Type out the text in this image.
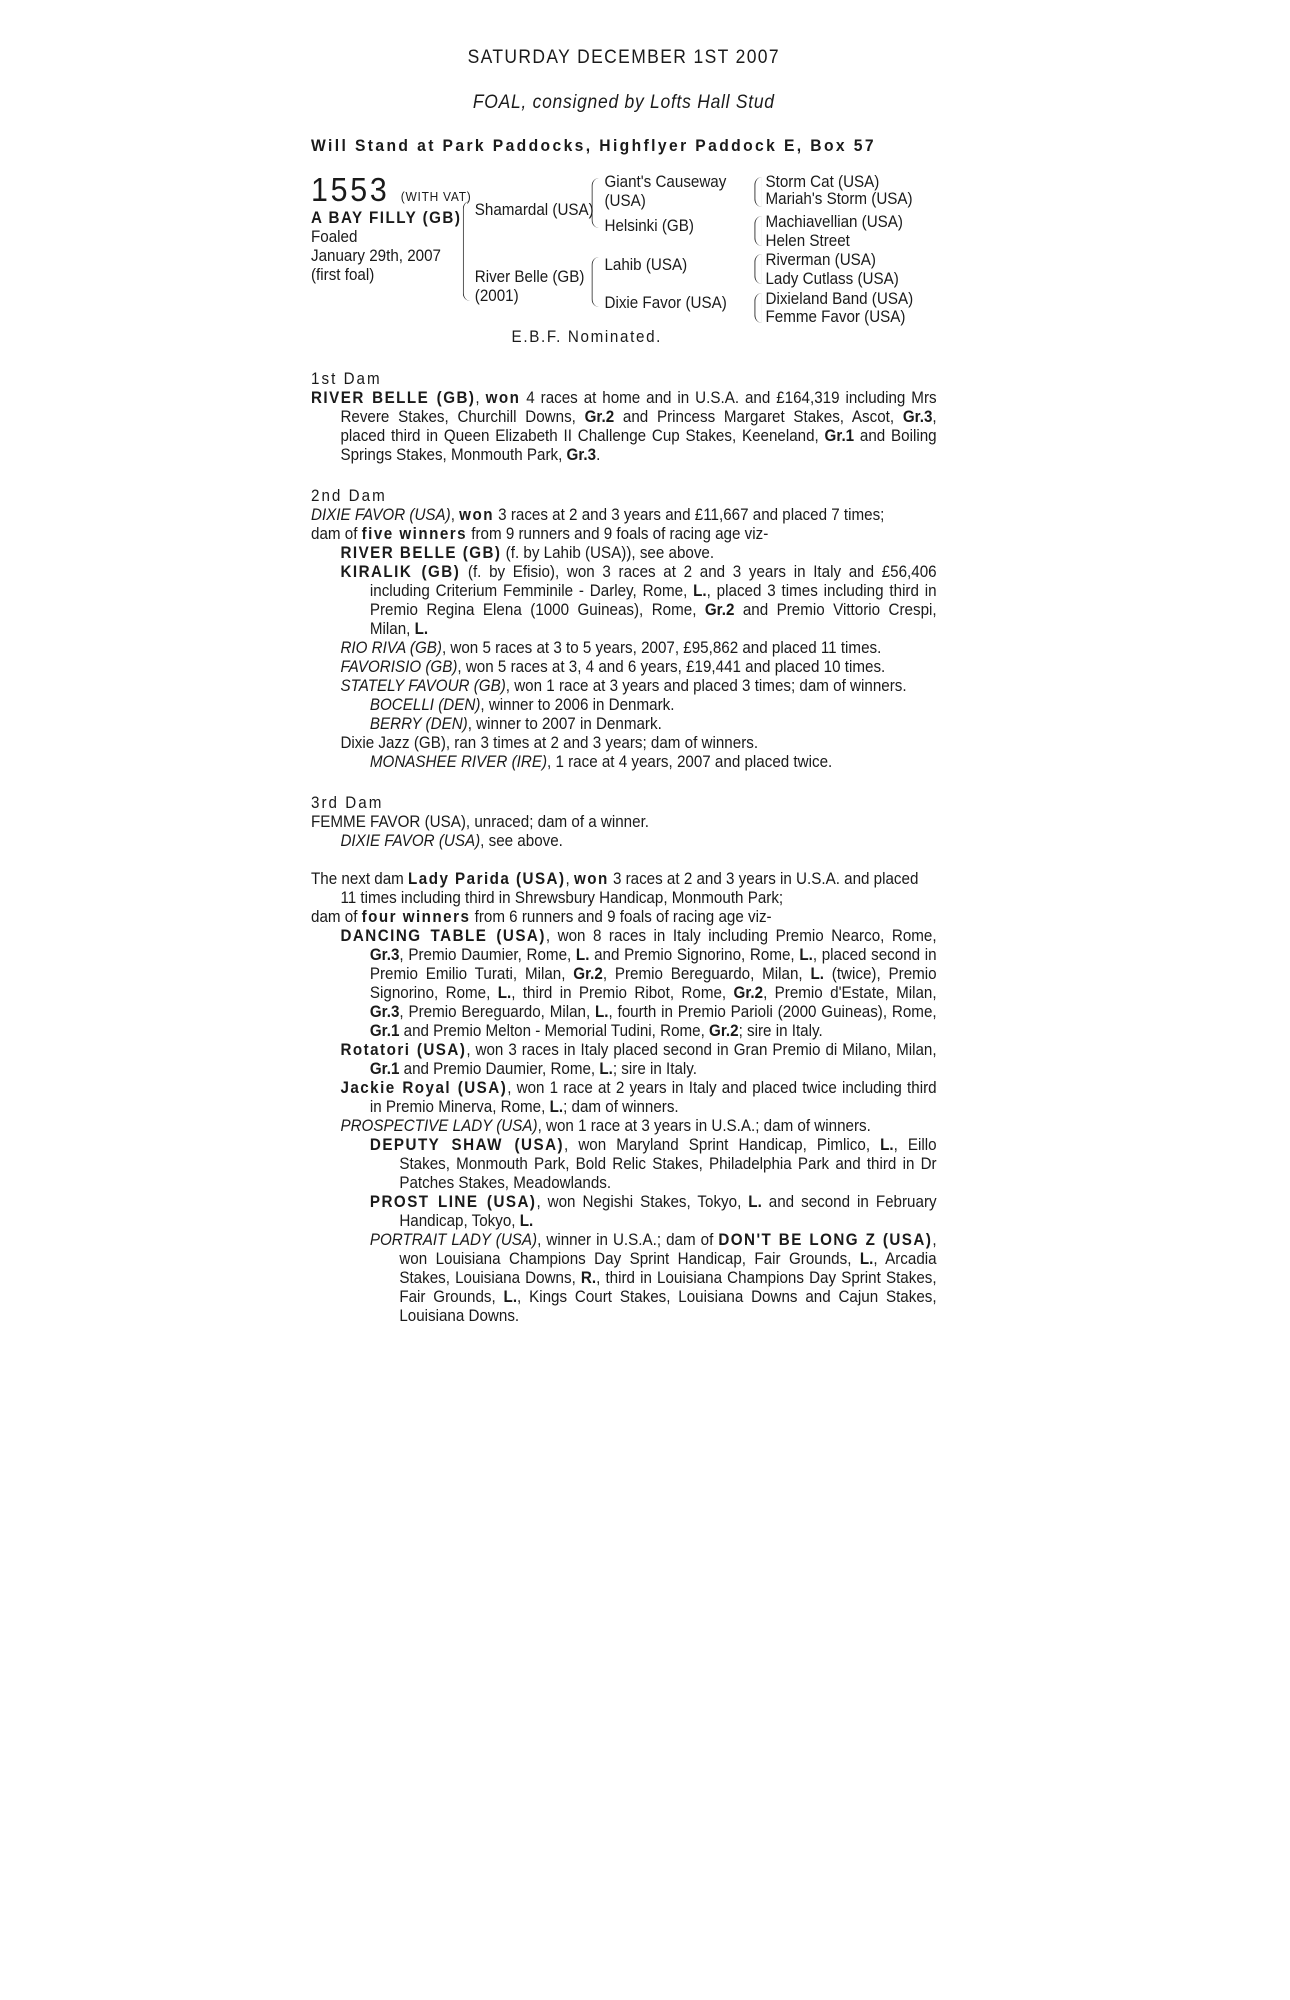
SATURDAY DECEMBER 1ST 2007
FOAL, consigned by Lofts Hall Stud
Will Stand at Park Paddocks, Highflyer Paddock E, Box 57
1553 (WITH VAT)
A BAY FILLY (GB)
Foaled
January 29th, 2007
(first foal)
Shamardal (USA)
River Belle (GB)
(2001)
Giant's Causeway
(USA)
Helsinki (GB)
Lahib (USA)
Dixie Favor (USA)
Storm Cat (USA)
Mariah's Storm (USA)
Machiavellian (USA)
Helen Street
Riverman (USA)
Lady Cutlass (USA)
Dixieland Band (USA)
Femme Favor (USA)
E.B.F. Nominated.
1st Dam
RIVER BELLE (GB), won 4 races at home and in U.S.A. and £164,319 including Mrs Revere Stakes, Churchill Downs, Gr.2 and Princess Margaret Stakes, Ascot, Gr.3, placed third in Queen Elizabeth II Challenge Cup Stakes, Keeneland, Gr.1 and Boiling Springs Stakes, Monmouth Park, Gr.3.
2nd Dam
DIXIE FAVOR (USA), won 3 races at 2 and 3 years and £11,667 and placed 7 times;
dam of five winners from 9 runners and 9 foals of racing age viz-
RIVER BELLE (GB) (f. by Lahib (USA)), see above.
KIRALIK (GB) (f. by Efisio), won 3 races at 2 and 3 years in Italy and £56,406 including Criterium Femminile - Darley, Rome, L., placed 3 times including third in Premio Regina Elena (1000 Guineas), Rome, Gr.2 and Premio Vittorio Crespi, Milan, L.
RIO RIVA (GB), won 5 races at 3 to 5 years, 2007, £95,862 and placed 11 times.
FAVORISIO (GB), won 5 races at 3, 4 and 6 years, £19,441 and placed 10 times.
STATELY FAVOUR (GB), won 1 race at 3 years and placed 3 times; dam of winners.
BOCELLI (DEN), winner to 2006 in Denmark.
BERRY (DEN), winner to 2007 in Denmark.
Dixie Jazz (GB), ran 3 times at 2 and 3 years; dam of winners.
MONASHEE RIVER (IRE), 1 race at 4 years, 2007 and placed twice.
3rd Dam
FEMME FAVOR (USA), unraced; dam of a winner.
DIXIE FAVOR (USA), see above.
The next dam Lady Parida (USA), won 3 races at 2 and 3 years in U.S.A. and placed 11 times including third in Shrewsbury Handicap, Monmouth Park;
dam of four winners from 6 runners and 9 foals of racing age viz-
DANCING TABLE (USA), won 8 races in Italy including Premio Nearco, Rome, Gr.3, Premio Daumier, Rome, L. and Premio Signorino, Rome, L., placed second in Premio Emilio Turati, Milan, Gr.2, Premio Bereguardo, Milan, L. (twice), Premio Signorino, Rome, L., third in Premio Ribot, Rome, Gr.2, Premio d'Estate, Milan, Gr.3, Premio Bereguardo, Milan, L., fourth in Premio Parioli (2000 Guineas), Rome, Gr.1 and Premio Melton - Memorial Tudini, Rome, Gr.2; sire in Italy.
Rotatori (USA), won 3 races in Italy placed second in Gran Premio di Milano, Milan, Gr.1 and Premio Daumier, Rome, L.; sire in Italy.
Jackie Royal (USA), won 1 race at 2 years in Italy and placed twice including third in Premio Minerva, Rome, L.; dam of winners.
PROSPECTIVE LADY (USA), won 1 race at 3 years in U.S.A.; dam of winners.
DEPUTY SHAW (USA), won Maryland Sprint Handicap, Pimlico, L., Eillo Stakes, Monmouth Park, Bold Relic Stakes, Philadelphia Park and third in Dr Patches Stakes, Meadowlands.
PROST LINE (USA), won Negishi Stakes, Tokyo, L. and second in February Handicap, Tokyo, L.
PORTRAIT LADY (USA), winner in U.S.A.; dam of DON'T BE LONG Z (USA), won Louisiana Champions Day Sprint Handicap, Fair Grounds, L., Arcadia Stakes, Louisiana Downs, R., third in Louisiana Champions Day Sprint Stakes, Fair Grounds, L., Kings Court Stakes, Louisiana Downs and Cajun Stakes, Louisiana Downs.
